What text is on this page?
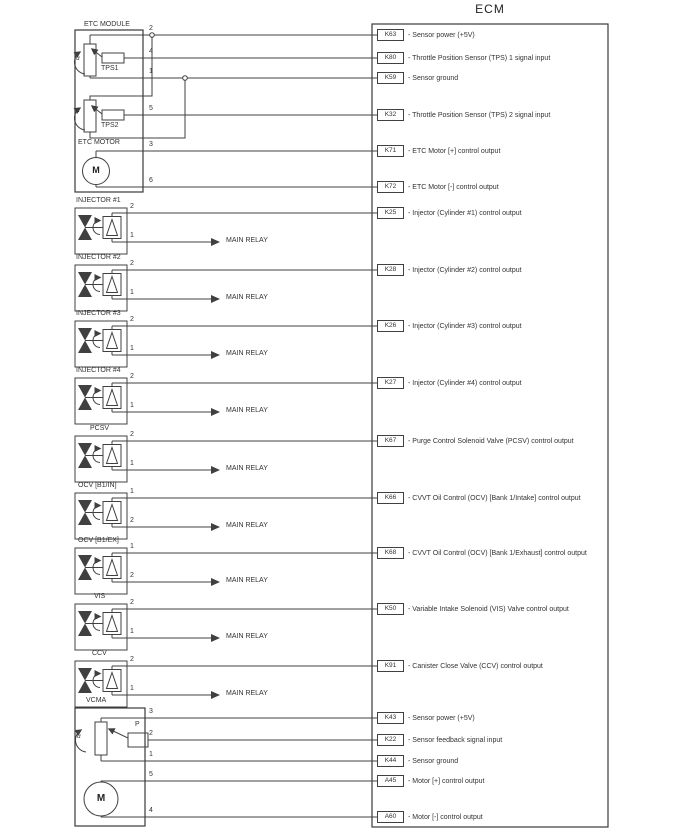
ECM
K63	- Sensor power (+5V)
K80	- Throttle Position Sensor (TPS) 1 signal input
K59	- Sensor ground
K32	- Throttle Position Sensor (TPS) 2 signal input
K71	- ETC Motor [+] control output
K72	- ETC Motor [-] control output
K25	- Injector (Cylinder #1) control output
K28	- Injector (Cylinder #2) control output
K26	- Injector (Cylinder #3) control output
K27	- Injector (Cylinder #4) control output
K67	- Purge Control Solenoid Valve (PCSV) control output
K66	- CVVT Oil Control (OCV) [Bank 1/Intake] control output
K68	- CVVT Oil Control (OCV) [Bank 1/Exhaust] control output
K50	- Variable Intake Solenoid (VIS) Valve control output
K91	- Canister Close Valve (CCV) control output
K43	- Sensor power (+5V)
K22	- Sensor feedback signal input
K44	- Sensor ground
A45	- Motor [+] control output
A60	- Motor [-] control output
ETC MODULE
TPS1
TPS2
ETC MOTOR
M
α
α
INJECTOR #1
INJECTOR #2
INJECTOR #3
INJECTOR #4
PCSV
OCV [B1/IN]
OCV [B1/EX]
VIS
CCV
VCMA
P
M
α
2
4
1
5
3
6
2
1
2
1
2
1
2
1
2
1
1
2
1
2
2
1
2
1
3
2
1
5
4
MAIN RELAY
MAIN RELAY
MAIN RELAY
MAIN RELAY
MAIN RELAY
MAIN RELAY
MAIN RELAY
MAIN RELAY
MAIN RELAY
